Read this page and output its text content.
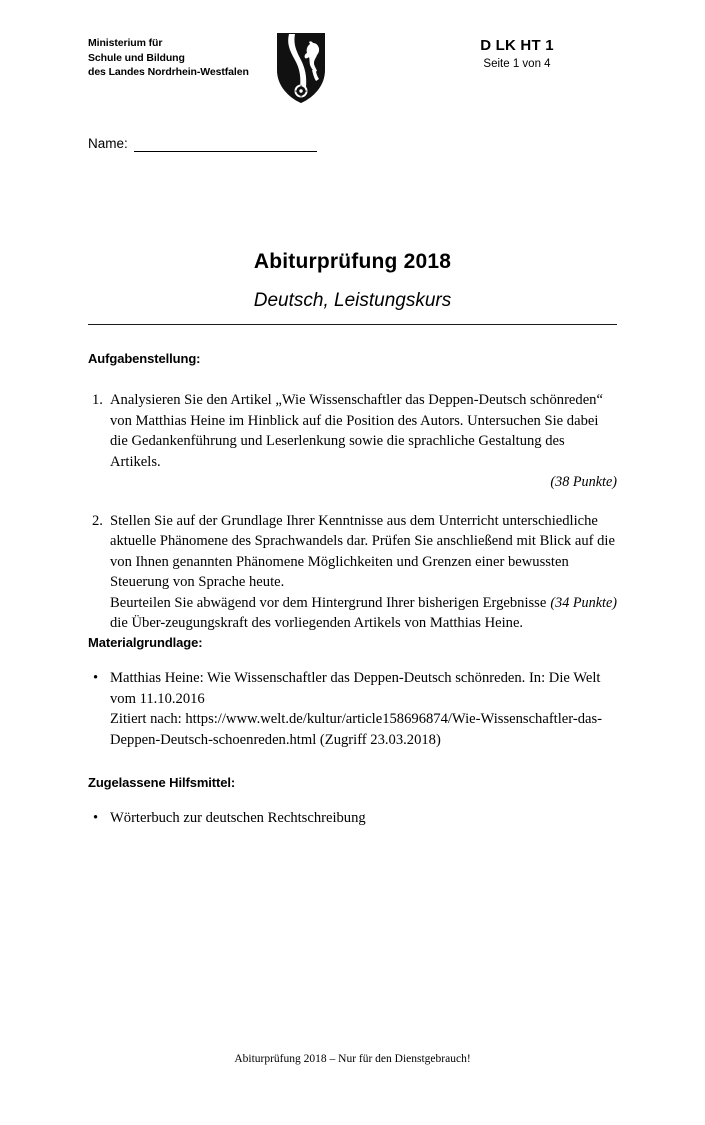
Ministerium für
Schule und Bildung
des Landes Nordrhein-Westfalen
D LK HT 1
Seite 1 von 4
Name:
Abiturprüfung 2018
Deutsch, Leistungskurs
Aufgabenstellung:
1. Analysieren Sie den Artikel „Wie Wissenschaftler das Deppen-Deutsch schönreden“ von Matthias Heine im Hinblick auf die Position des Autors. Untersuchen Sie dabei die Gedankenführung und Leserlenkung sowie die sprachliche Gestaltung des Artikels.

(38 Punkte)
2. Stellen Sie auf der Grundlage Ihrer Kenntnisse aus dem Unterricht unterschiedliche aktuelle Phänomene des Sprachwandels dar. Prüfen Sie anschließend mit Blick auf die von Ihnen genannten Phänomene Möglichkeiten und Grenzen einer bewussten Steuerung von Sprache heute.

(34 Punkte)
Beurteilen Sie abwägend vor dem Hintergrund Ihrer bisherigen Ergebnisse die Über-zeugungskraft des vorliegenden Artikels von Matthias Heine.

Materialgrundlage:
• Matthias Heine: Wie Wissenschaftler das Deppen-Deutsch schönreden. In: Die Welt vom 11.10.2016

Zitiert nach: https://www.welt.de/kultur/article158696874/Wie-Wissenschaftler-das-Deppen-Deutsch-schoenreden.html (Zugriff 23.03.2018)

Zugelassene Hilfsmittel:
• Wörterbuch zur deutschen Rechtschreibung

Abiturprüfung 2018 – Nur für den Dienstgebrauch!
